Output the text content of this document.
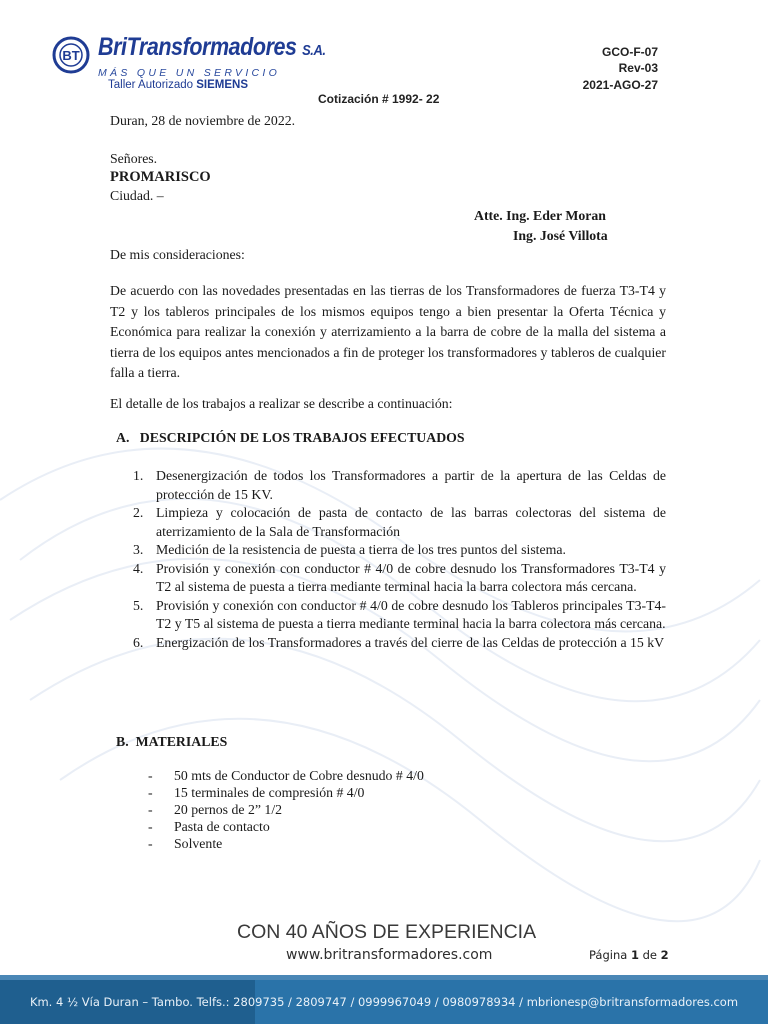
BT BriTransformadores S.A.
MÁS QUE UN SERVICIO
Taller Autorizado SIEMENS
GCO-F-07
Rev-03
2021-AGO-27
Cotización # 1992- 22
Duran, 28 de noviembre de 2022.
Señores.
PROMARISCO
Ciudad. –
Atte. Ing. Eder Moran
Ing. José Villota
De mis consideraciones:
De acuerdo con las novedades presentadas en las tierras de los Transformadores de fuerza T3-T4 y T2 y los tableros principales de los mismos equipos tengo a bien presentar la Oferta Técnica y Económica para realizar la conexión y aterrizamiento a la barra de cobre de la malla del sistema a tierra de los equipos antes mencionados a fin de proteger los transformadores y tableros de cualquier falla a tierra.
El detalle de los trabajos a realizar se describe a continuación:
A. DESCRIPCIÓN DE LOS TRABAJOS EFECTUADOS
1. Desenergización de todos los Transformadores a partir de la apertura de las Celdas de protección de 15 KV.
2. Limpieza y colocación de pasta de contacto de las barras colectoras del sistema de aterrizamiento de la Sala de Transformación
3. Medición de la resistencia de puesta a tierra de los tres puntos del sistema.
4. Provisión y conexión con conductor # 4/0 de cobre desnudo los Transformadores T3-T4 y T2 al sistema de puesta a tierra mediante terminal hacia la barra colectora más cercana.
5. Provisión y conexión con conductor # 4/0 de cobre desnudo los Tableros principales T3-T4-T2 y T5 al sistema de puesta a tierra mediante terminal hacia la barra colectora más cercana.
6. Energización de los Transformadores a través del cierre de las Celdas de protección a 15 kV
B. MATERIALES
- 50 mts de Conductor de Cobre desnudo # 4/0
- 15 terminales de compresión # 4/0
- 20 pernos de 2” 1/2
- Pasta de contacto
- Solvente
CON 40 AÑOS DE EXPERIENCIA
www.britransformadores.com	Página 1 de 2
Km. 4 ½ Vía Duran – Tambo. Telfs.: 2809735 / 2809747 / 0999967049 / 0980978934 / mbrionesp@britransformadores.com
